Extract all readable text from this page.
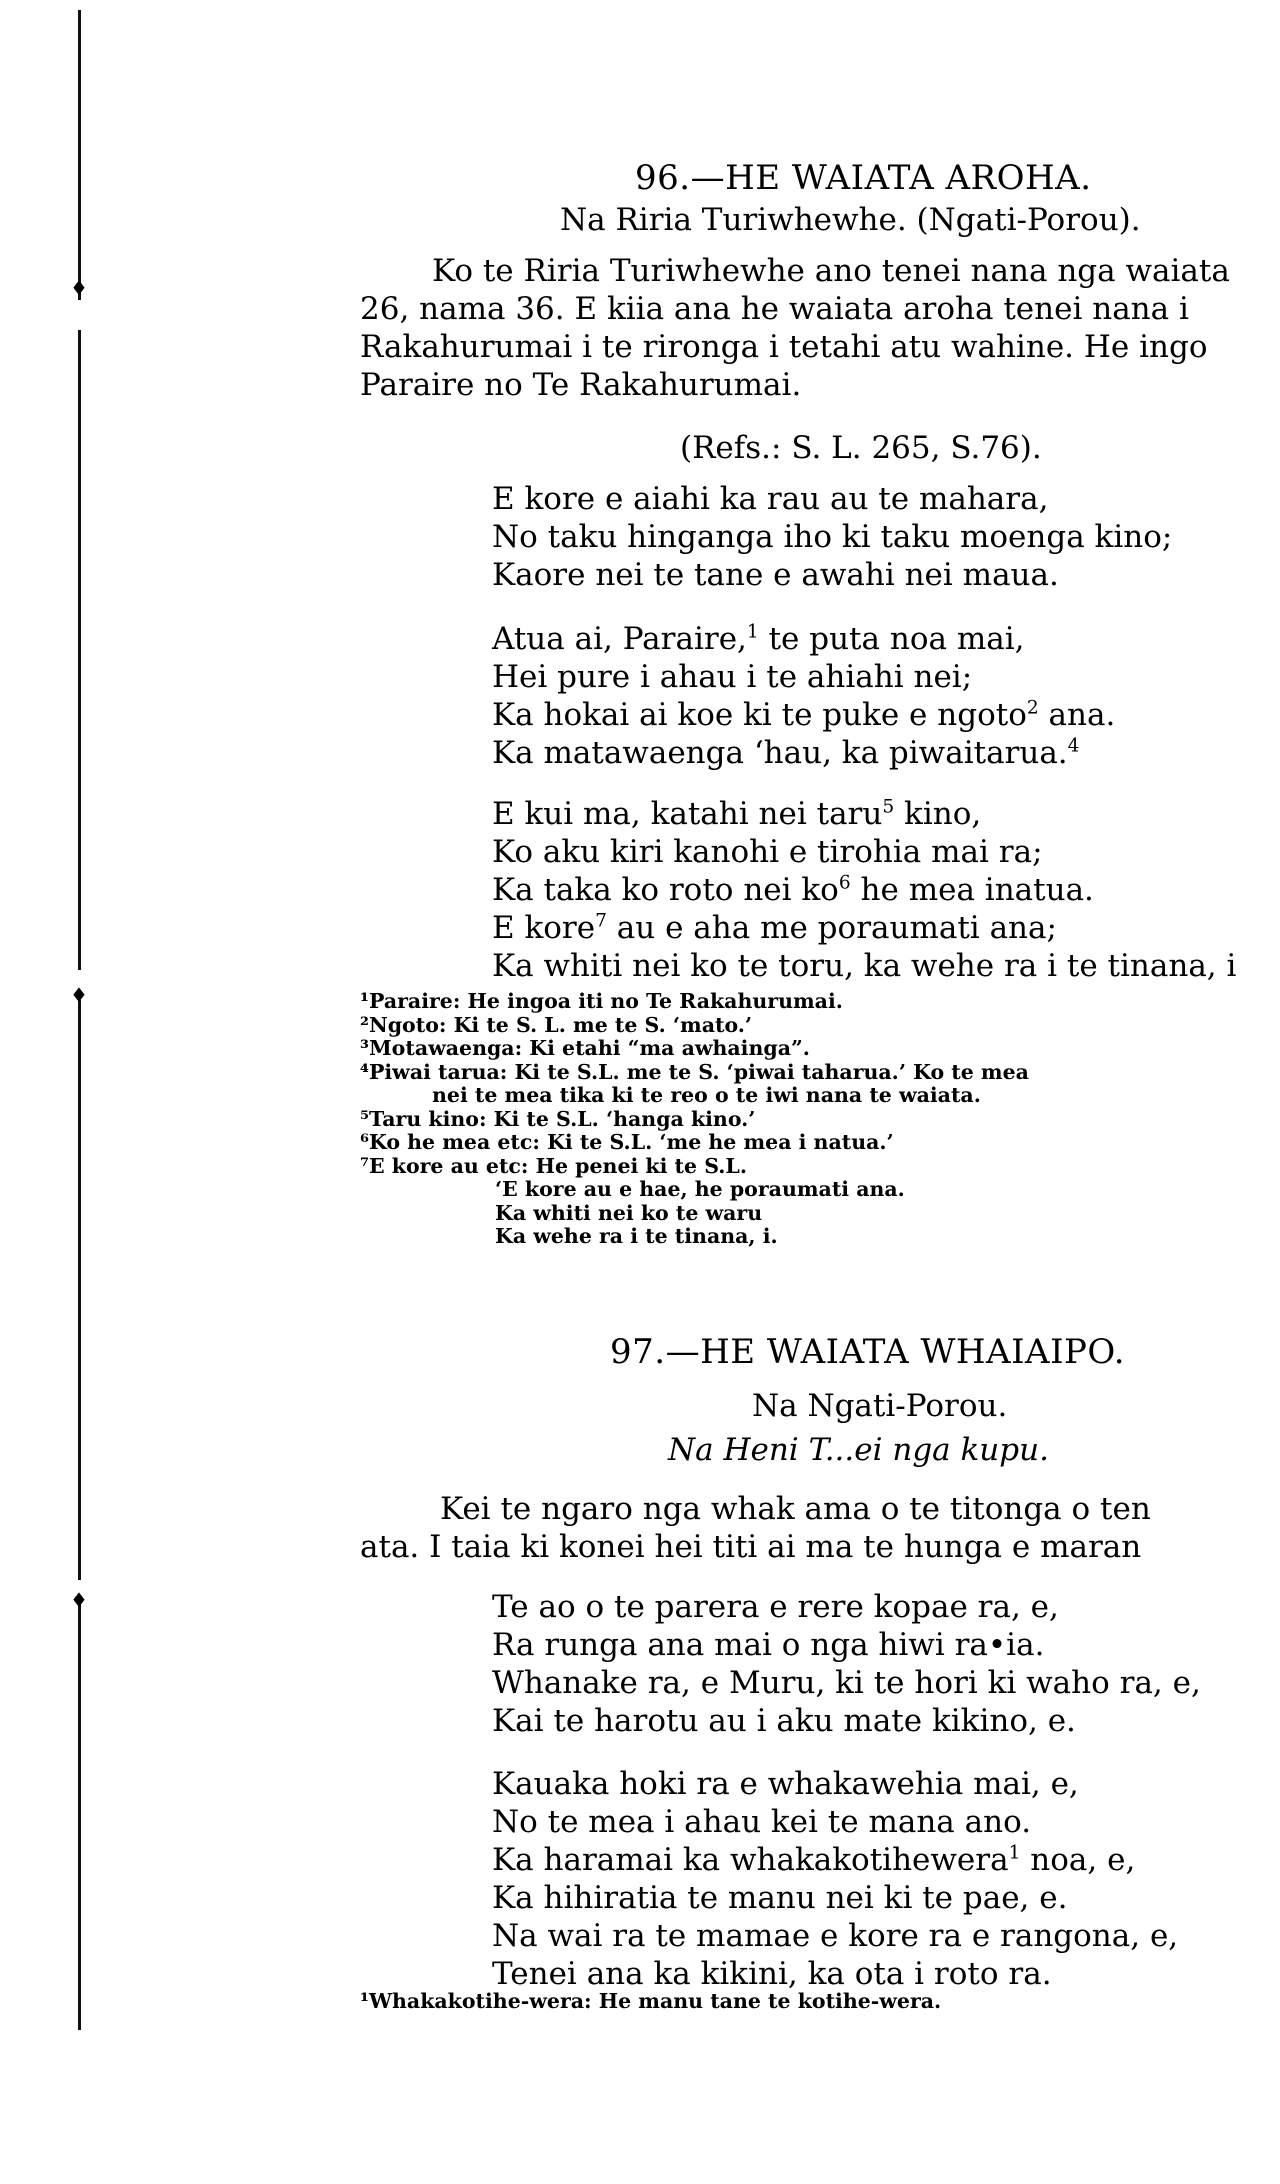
♦
♦
♦
96.—HE WAIATA AROHA.
Na Riria Turiwhewhe. (Ngati-Porou).

Ko te Riria Turiwhewhe ano tenei nana nga waiata

26, nama 36. E kiia ana he waiata aroha tenei nana i

Rakahurumai i te rironga i tetahi atu wahine. He ingo

Paraire no Te Rakahurumai.

(Refs.: S. L. 265, S.76).
E kore e aiahi ka rau au te mahara,
No taku hinganga iho ki taku moenga kino;
Kaore nei te tane e awahi nei maua.
Atua ai, Paraire,$^1$ te puta noa mai,
Hei pure i ahau i te ahiahi nei;
Ka hokai ai koe ki te puke e ngoto$^2$ ana.
Ka matawaenga ‘hau, ka piwaitarua.$^4$
E kui ma, katahi nei taru$^5$ kino,
Ko aku kiri kanohi e tirohia mai ra;
Ka taka ko roto nei $ko^6$ he mea inatua.
E kore$^7$ au e aha me poraumati ana;
Ka whiti nei ko te toru, ka wehe ra i te tinana, i
¹Paraire: He ingoa iti no Te Rakahurumai.
²Ngoto: Ki te S. L. me te S. ‘mato.’
³Motawaenga: Ki etahi “ma awhainga”.
⁴Piwai tarua: Ki te S.L. me te S. ‘piwai taharua.’ Ko te mea
nei te mea tika ki te reo o te iwi nana te waiata.
⁵Taru kino: Ki te S.L. ‘hanga kino.’
⁶Ko he mea etc: Ki te S.L. ‘me he mea i natua.’
⁷E kore au etc: He penei ki te S.L.
‘E kore au e hae, he poraumati ana.
Ka whiti nei ko te waru
Ka wehe ra i te tinana, i.
97.—HE WAIATA WHAIAIPO.
Na Ngati-Porou.
Na Heni T...ei nga kupu.

Kei te ngaro nga whak ama o te titonga o ten

ata. I taia ki konei hei titi ai ma te hunga e maran

Te ao o te parera e rere kopae ra, e,
Ra runga ana mai o nga hiwi ra•ia.
Whanake ra, e Muru, ki te hori ki waho ra, e,
Kai te harotu au i aku mate kikino, e.
Kauaka hoki ra e whakawehia mai, e,
No te mea i ahau kei te mana ano.
Ka haramai ka whakakotihewera$^1$ noa, e,
Ka hihiratia te manu nei ki te pae, e.
Na wai ra te mamae e kore ra e rangona, e,
Tenei ana ka kikini, ka ota i roto ra.
¹Whakakotihe-wera: He manu tane te kotihe-wera.
